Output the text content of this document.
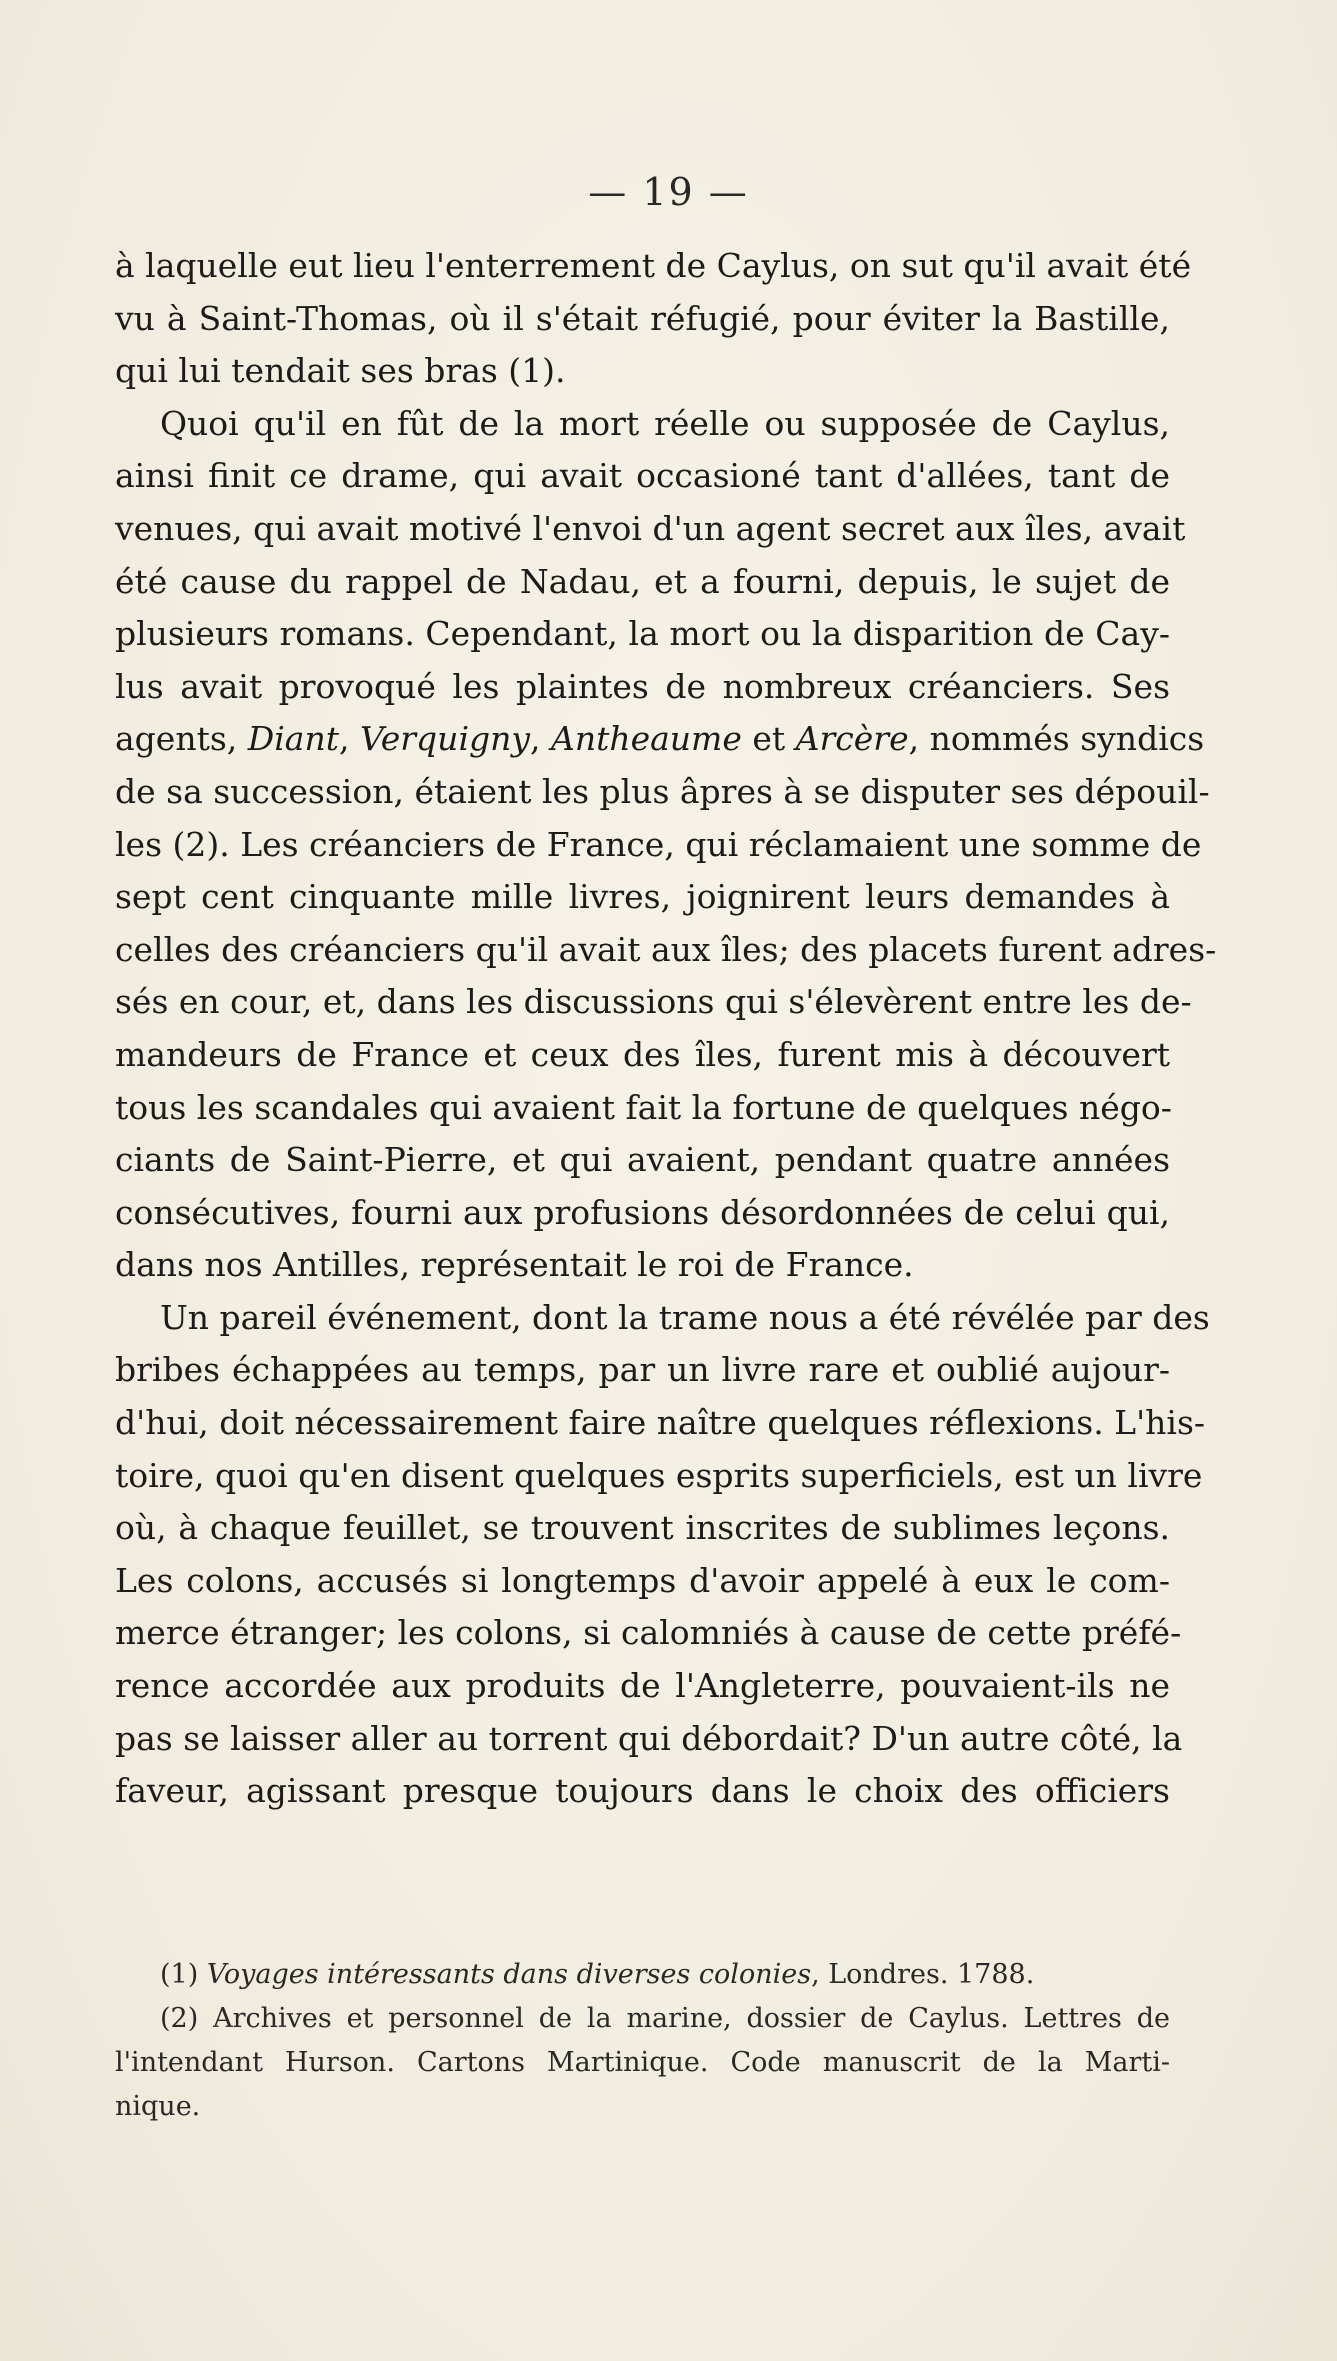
— 19 —
à laquelle eut lieu l'enterrement de Caylus, on sut qu'il avait été
vu à Saint-Thomas, où il s'était réfugié, pour éviter la Bastille,
qui lui tendait ses bras (1).
Quoi qu'il en fût de la mort réelle ou supposée de Caylus,
ainsi finit ce drame, qui avait occasioné tant d'allées, tant de
venues, qui avait motivé l'envoi d'un agent secret aux îles, avait
été cause du rappel de Nadau, et a fourni, depuis, le sujet de
plusieurs romans. Cependant, la mort ou la disparition de Cay-
lus avait provoqué les plaintes de nombreux créanciers. Ses
agents, Diant, Verquigny, Antheaume et Arcère, nommés syndics
de sa succession, étaient les plus âpres à se disputer ses dépouil-
les (2). Les créanciers de France, qui réclamaient une somme de
sept cent cinquante mille livres, joignirent leurs demandes à
celles des créanciers qu'il avait aux îles; des placets furent adres-
sés en cour, et, dans les discussions qui s'élevèrent entre les de-
mandeurs de France et ceux des îles, furent mis à découvert
tous les scandales qui avaient fait la fortune de quelques négo-
ciants de Saint-Pierre, et qui avaient, pendant quatre années
consécutives, fourni aux profusions désordonnées de celui qui,
dans nos Antilles, représentait le roi de France.
Un pareil événement, dont la trame nous a été révélée par des
bribes échappées au temps, par un livre rare et oublié aujour-
d'hui, doit nécessairement faire naître quelques réflexions. L'his-
toire, quoi qu'en disent quelques esprits superficiels, est un livre
où, à chaque feuillet, se trouvent inscrites de sublimes leçons.
Les colons, accusés si longtemps d'avoir appelé à eux le com-
merce étranger; les colons, si calomniés à cause de cette préfé-
rence accordée aux produits de l'Angleterre, pouvaient-ils ne
pas se laisser aller au torrent qui débordait? D'un autre côté, la
faveur, agissant presque toujours dans le choix des officiers
(1) Voyages intéressants dans diverses colonies, Londres. 1788.
(2) Archives et personnel de la marine, dossier de Caylus. Lettres de
l'intendant Hurson. Cartons Martinique. Code manuscrit de la Marti-
nique.
